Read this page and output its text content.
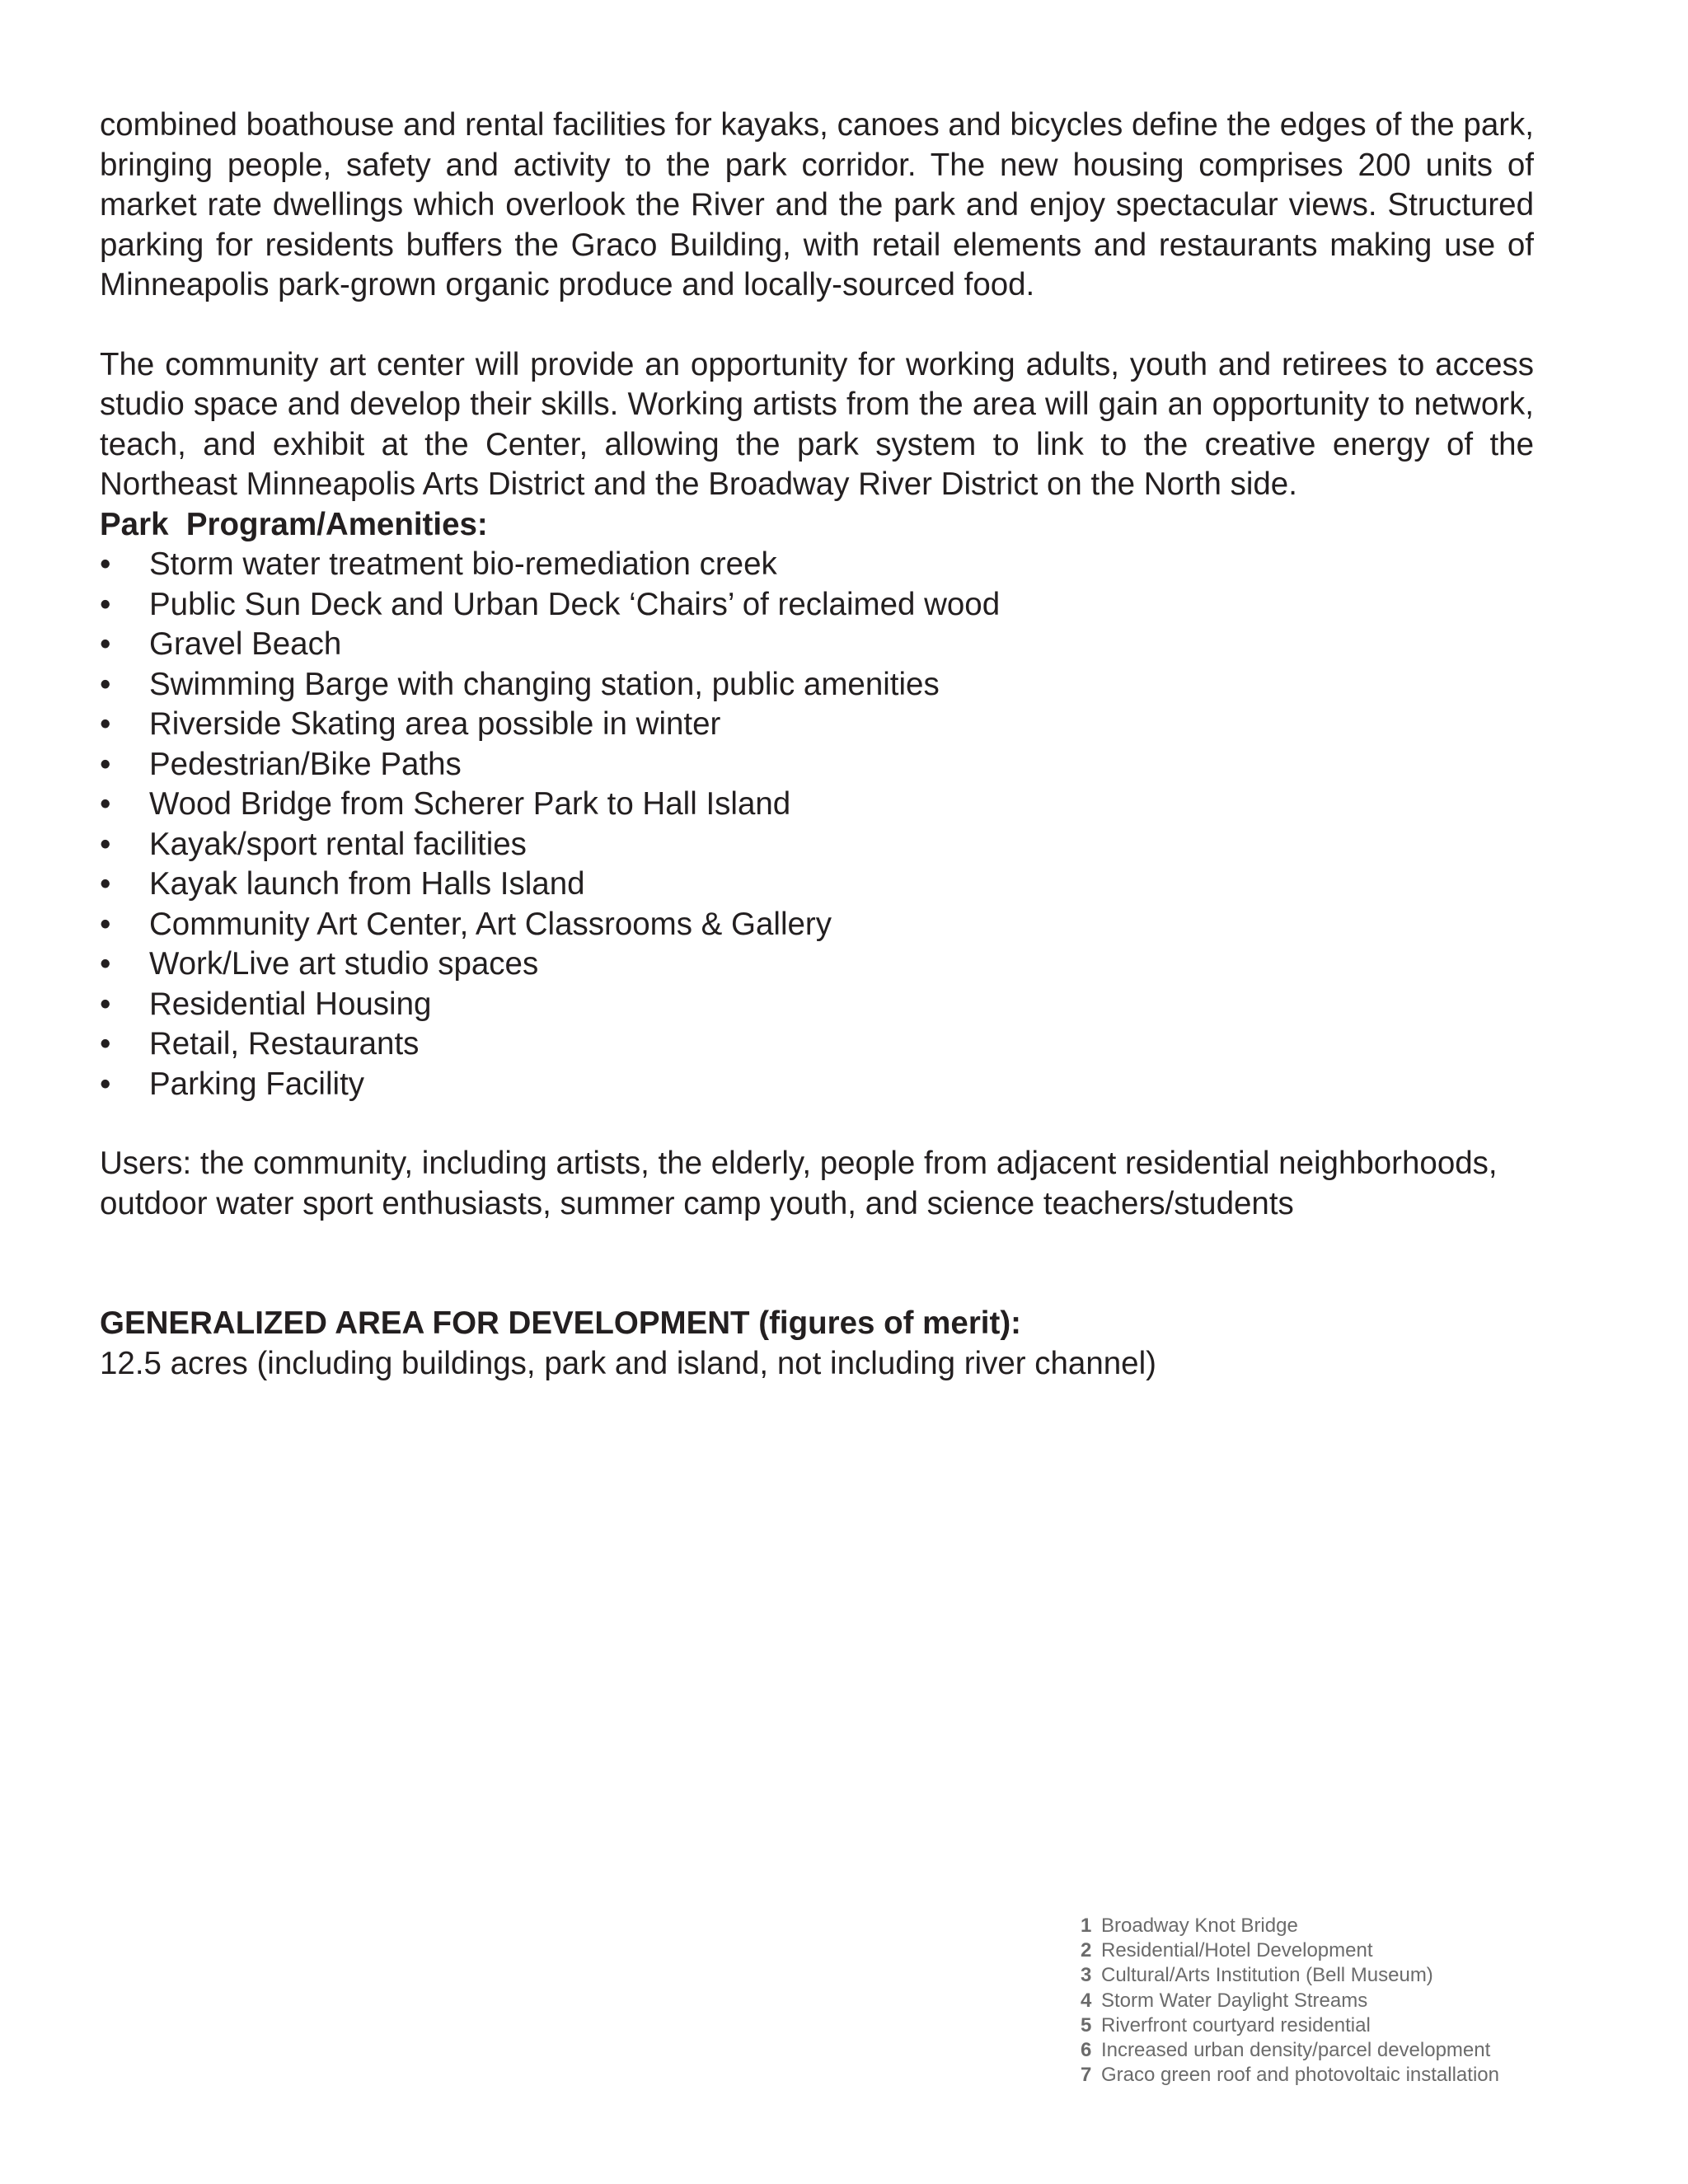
combined boathouse and rental facilities for kayaks, canoes and bicycles define the edges of the park, bringing people, safety and activity to the park corridor. The new housing comprises 200 units of market rate dwellings which overlook the River and the park and enjoy spectacular views. Structured parking for residents buffers the Graco Building, with retail elements and restaurants making use of Minneapolis park-grown organic produce and locally-sourced food.

The community art center will provide an opportunity for working adults, youth and retirees to access studio space and develop their skills. Working artists from the area will gain an opportunity to network, teach, and exhibit at the Center, allowing the park system to link to the creative energy of the Northeast Minneapolis Arts District and the Broadway River District on the North side.

Park  Program/Amenities:

• Storm water treatment bio-remediation creek
• Public Sun Deck and Urban Deck ‘Chairs’ of reclaimed wood
• Gravel Beach
• Swimming Barge with changing station, public amenities
• Riverside Skating area possible in winter
• Pedestrian/Bike Paths
• Wood Bridge from Scherer Park to Hall Island
• Kayak/sport rental facilities
• Kayak launch from Halls Island
• Community Art Center, Art Classrooms & Gallery
• Work/Live art studio spaces
• Residential Housing
• Retail, Restaurants
• Parking Facility

Users: the community, including artists, the elderly, people from adjacent residential neighborhoods, outdoor water sport enthusiasts, summer camp youth, and science teachers/students

GENERALIZED AREA FOR DEVELOPMENT (figures of merit):

12.5 acres (including buildings, park and island, not including river channel)

1 Broadway Knot Bridge
2 Residential/Hotel Development
3 Cultural/Arts Institution (Bell Museum)
4 Storm Water Daylight Streams
5 Riverfront courtyard residential
6 Increased urban density/parcel development
7 Graco green roof and photovoltaic installation
